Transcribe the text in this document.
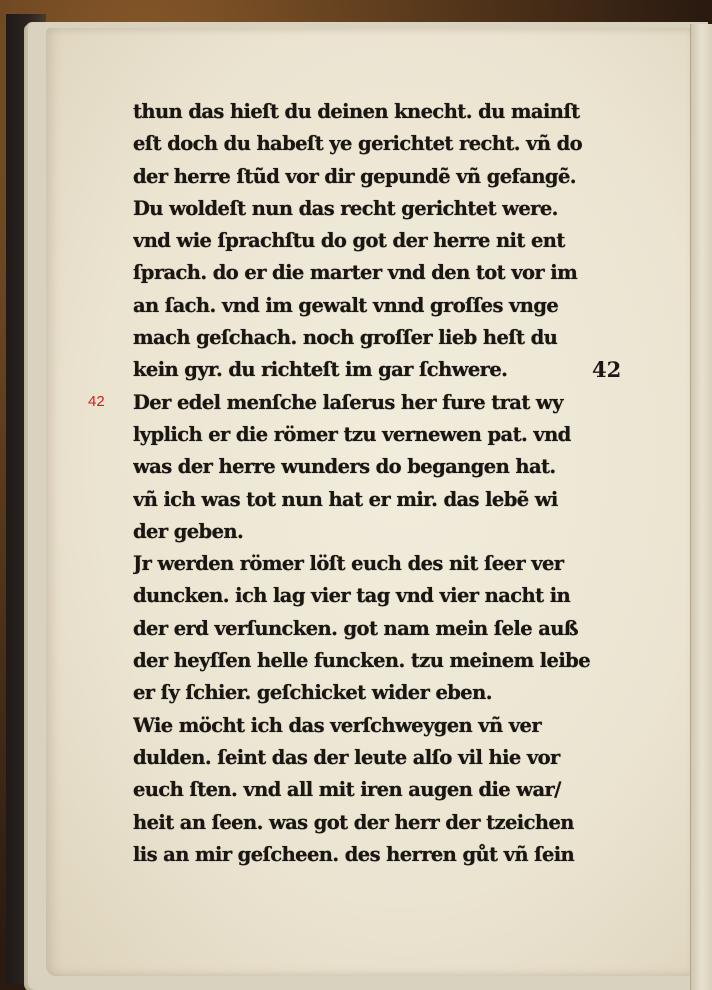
42
42
thun das hieſt du deinen knecht. du mainſt
eſt doch du habeſt ye gerichtet recht. vñ do
der herre ſtũd vor dir gepundẽ vñ gefangẽ.
Du woldeſt nun das recht gerichtet were.
vnd wie ſprachſtu do got der herre nit ent
ſprach. do er die marter vnd den tot vor im
an ſach. vnd im gewalt vnnd groſſes vnge
mach geſchach. noch groſſer lieb heſt du
kein gyr. du richteſt im gar ſchwere.
Der edel menſche laſerus her fure trat wy
lyplich er die römer tzu vernewen pat. vnd
was der herre wunders do begangen hat.
vñ ich was tot nun hat er mir. das lebẽ wi
der geben.
Jr werden römer löſt euch des nit ſeer ver
duncken. ich lag vier tag vnd vier nacht in
der erd verſuncken. got nam mein ſele auß
der heyſſen helle funcken. tzu meinem leibe
er ſy ſchier. geſchicket wider eben.
Wie möcht ich das verſchweygen vñ ver
dulden. ſeint das der leute alſo vil hie vor
euch ſten. vnd all mit iren augen die war/
heit an ſeen. was got der herr der tzeichen
lis an mir geſcheen. des herren gůt vñ ſein
